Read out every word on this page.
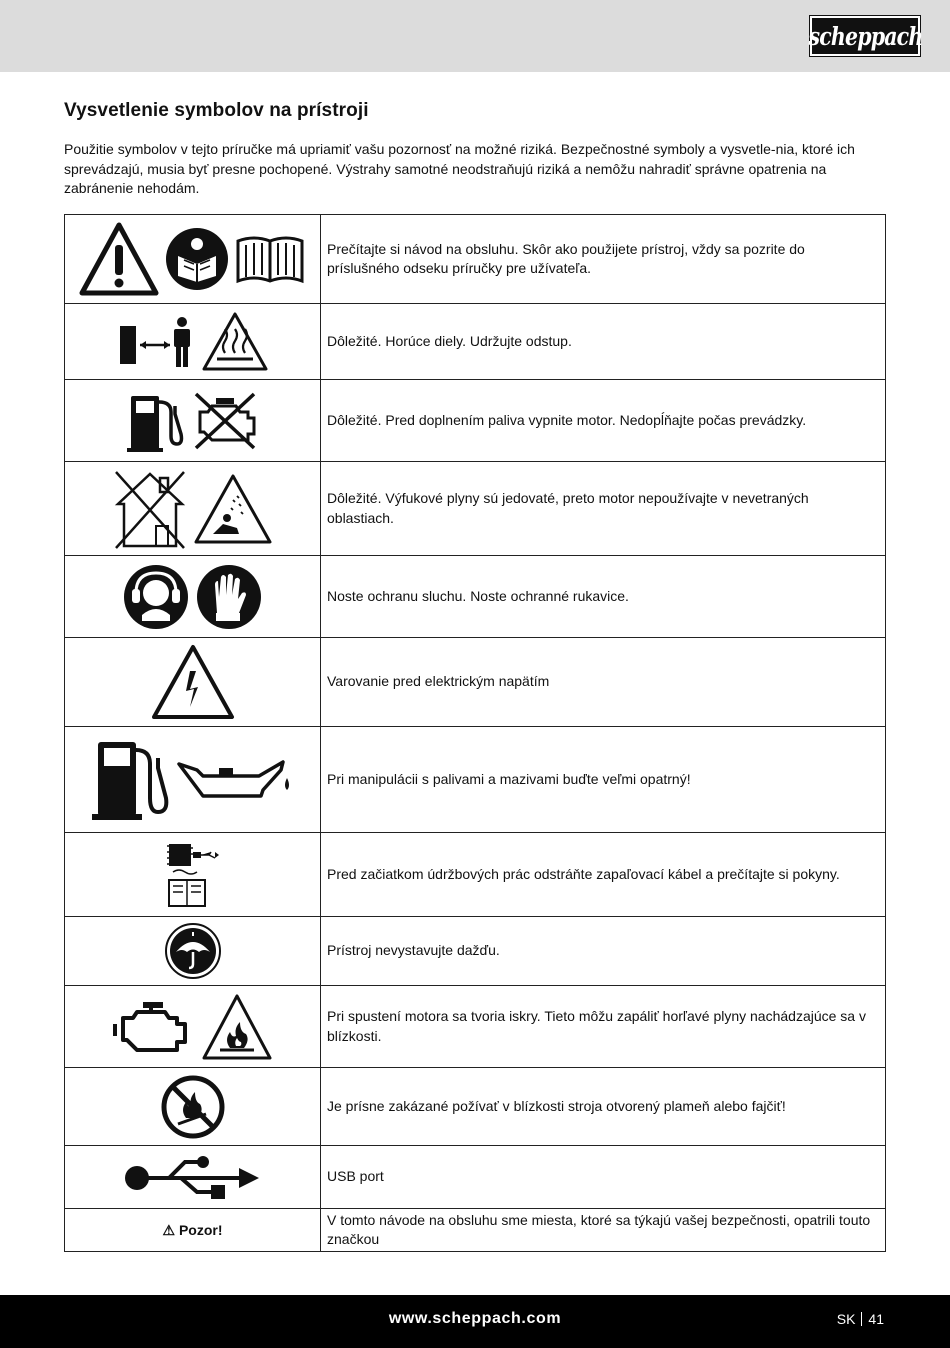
scheppach
Vysvetlenie symbolov na prístroji

Použitie symbolov v tejto príručke má upriamiť vašu pozornosť na možné riziká. Bezpečnostné symboly a vysvetle-nia, ktoré ich sprevádzajú, musia byť presne pochopené. Výstrahy samotné neodstraňujú riziká a nemôžu nahradiť správne opatrenia na zabránenie nehodám.

	Prečítajte si návod na obsluhu. Skôr ako použijete prístroj, vždy sa pozrite do príslušného odseku príručky pre užívateľa.
	Dôležité. Horúce diely. Udržujte odstup.
	Dôležité. Pred doplnením paliva vypnite motor. Nedopĺňajte počas prevádzky.
	Dôležité. Výfukové plyny sú jedovaté, preto motor nepoužívajte v nevetraných oblastiach.
	Noste ochranu sluchu. Noste ochranné rukavice.
	Varovanie pred elektrickým napätím
	Pri manipulácii s palivami a mazivami buďte veľmi opatrný!
	Pred začiatkom údržbových prác odstráňte zapaľovací kábel a prečítajte si pokyny.
	Prístroj nevystavujte dažďu.
	Pri spustení motora sa tvoria iskry. Tieto môžu zapáliť horľavé plyny nachádzajúce sa v blízkosti.
	Je prísne zakázané požívať v blízkosti stroja otvorený plameň alebo fajčiť!
	USB port
⚠ Pozor!	V tomto návode na obsluhu sme miesta, ktoré sa týkajú vašej bezpečnosti, opatrili touto značkou
www.scheppach.com	SK 41
